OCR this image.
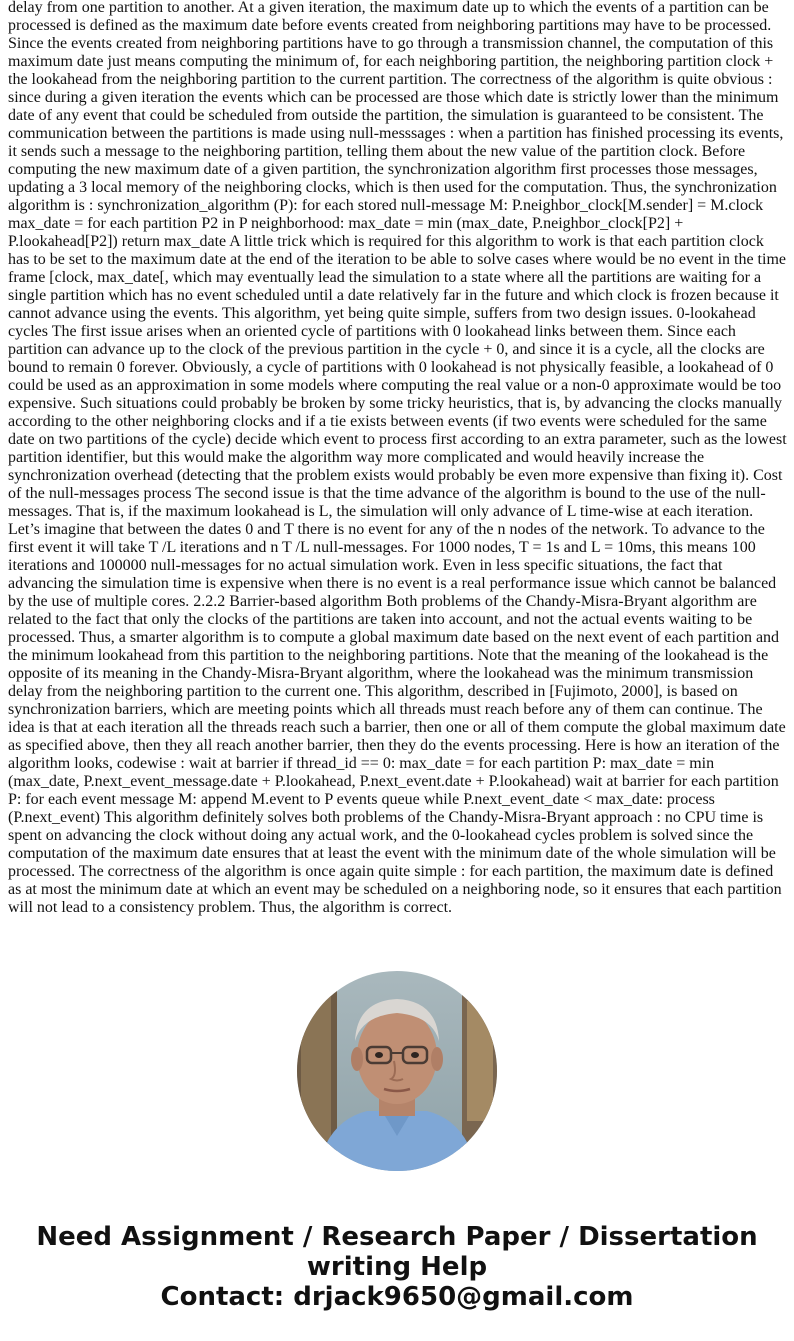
delay from one partition to another. At a given iteration, the maximum date up to which the events of a partition can be processed is defined as the maximum date before events created from neighboring partitions may have to be processed. Since the events created from neighboring partitions have to go through a transmission channel, the computation of this maximum date just means computing the minimum of, for each neighboring partition, the neighboring partition clock + the lookahead from the neighboring partition to the current partition. The correctness of the algorithm is quite obvious : since during a given iteration the events which can be processed are those which date is strictly lower than the minimum date of any event that could be scheduled from outside the partition, the simulation is guaranteed to be consistent. The communication between the partitions is made using null-messsages : when a partition has finished processing its events, it sends such a message to the neighboring partition, telling them about the new value of the partition clock. Before computing the new maximum date of a given partition, the synchronization algorithm first processes those messages, updating a 3 local memory of the neighboring clocks, which is then used for the computation. Thus, the synchronization algorithm is : synchronization_algorithm (P): for each stored null-message M: P.neighbor_clock[M.sender] = M.clock max_date = for each partition P2 in P neighborhood: max_date = min (max_date, P.neighbor_clock[P2] + P.lookahead[P2]) return max_date A little trick which is required for this algorithm to work is that each partition clock has to be set to the maximum date at the end of the iteration to be able to solve cases where would be no event in the time frame [clock, max_date[, which may eventually lead the simulation to a state where all the partitions are waiting for a single partition which has no event scheduled until a date relatively far in the future and which clock is frozen because it cannot advance using the events. This algorithm, yet being quite simple, suffers from two design issues. 0-lookahead cycles The first issue arises when an oriented cycle of partitions with 0 lookahead links between them. Since each partition can advance up to the clock of the previous partition in the cycle + 0, and since it is a cycle, all the clocks are bound to remain 0 forever. Obviously, a cycle of partitions with 0 lookahead is not physically feasible, a lookahead of 0 could be used as an approximation in some models where computing the real value or a non-0 approximate would be too expensive. Such situations could probably be broken by some tricky heuristics, that is, by advancing the clocks manually according to the other neighboring clocks and if a tie exists between events (if two events were scheduled for the same date on two partitions of the cycle) decide which event to process first according to an extra parameter, such as the lowest partition identifier, but this would make the algorithm way more complicated and would heavily increase the synchronization overhead (detecting that the problem exists would probably be even more expensive than fixing it). Cost of the null-messages process The second issue is that the time advance of the algorithm is bound to the use of the null-messages. That is, if the maximum lookahead is L, the simulation will only advance of L time-wise at each iteration. Let’s imagine that between the dates 0 and T there is no event for any of the n nodes of the network. To advance to the first event it will take T /L iterations and n T /L null-messages. For 1000 nodes, T = 1s and L = 10ms, this means 100 iterations and 100000 null-messages for no actual simulation work. Even in less specific situations, the fact that advancing the simulation time is expensive when there is no event is a real performance issue which cannot be balanced by the use of multiple cores. 2.2.2 Barrier-based algorithm Both problems of the Chandy-Misra-Bryant algorithm are related to the fact that only the clocks of the partitions are taken into account, and not the actual events waiting to be processed. Thus, a smarter algorithm is to compute a global maximum date based on the next event of each partition and the minimum lookahead from this partition to the neighboring partitions. Note that the meaning of the lookahead is the opposite of its meaning in the Chandy-Misra-Bryant algorithm, where the lookahead was the minimum transmission delay from the neighboring partition to the current one. This algorithm, described in [Fujimoto, 2000], is based on synchronization barriers, which are meeting points which all threads must reach before any of them can continue. The idea is that at each iteration all the threads reach such a barrier, then one or all of them compute the global maximum date as specified above, then they all reach another barrier, then they do the events processing. Here is how an iteration of the algorithm looks, codewise : wait at barrier if thread_id == 0: max_date = for each partition P: max_date = min (max_date, P.next_event_message.date + P.lookahead, P.next_event.date + P.lookahead) wait at barrier for each partition P: for each event message M: append M.event to P events queue while P.next_event_date < max_date: process (P.next_event) This algorithm definitely solves both problems of the Chandy-Misra-Bryant approach : no CPU time is spent on advancing the clock without doing any actual work, and the 0-lookahead cycles problem is solved since the computation of the maximum date ensures that at least the event with the minimum date of the whole simulation will be processed. The correctness of the algorithm is once again quite simple : for each partition, the maximum date is defined as at most the minimum date at which an event may be scheduled on a neighboring node, so it ensures that each partition will not lead to a consistency problem. Thus, the algorithm is correct.

Need Assignment / Research Paper / Dissertation writing Help

Contact: drjack9650@gmail.com
